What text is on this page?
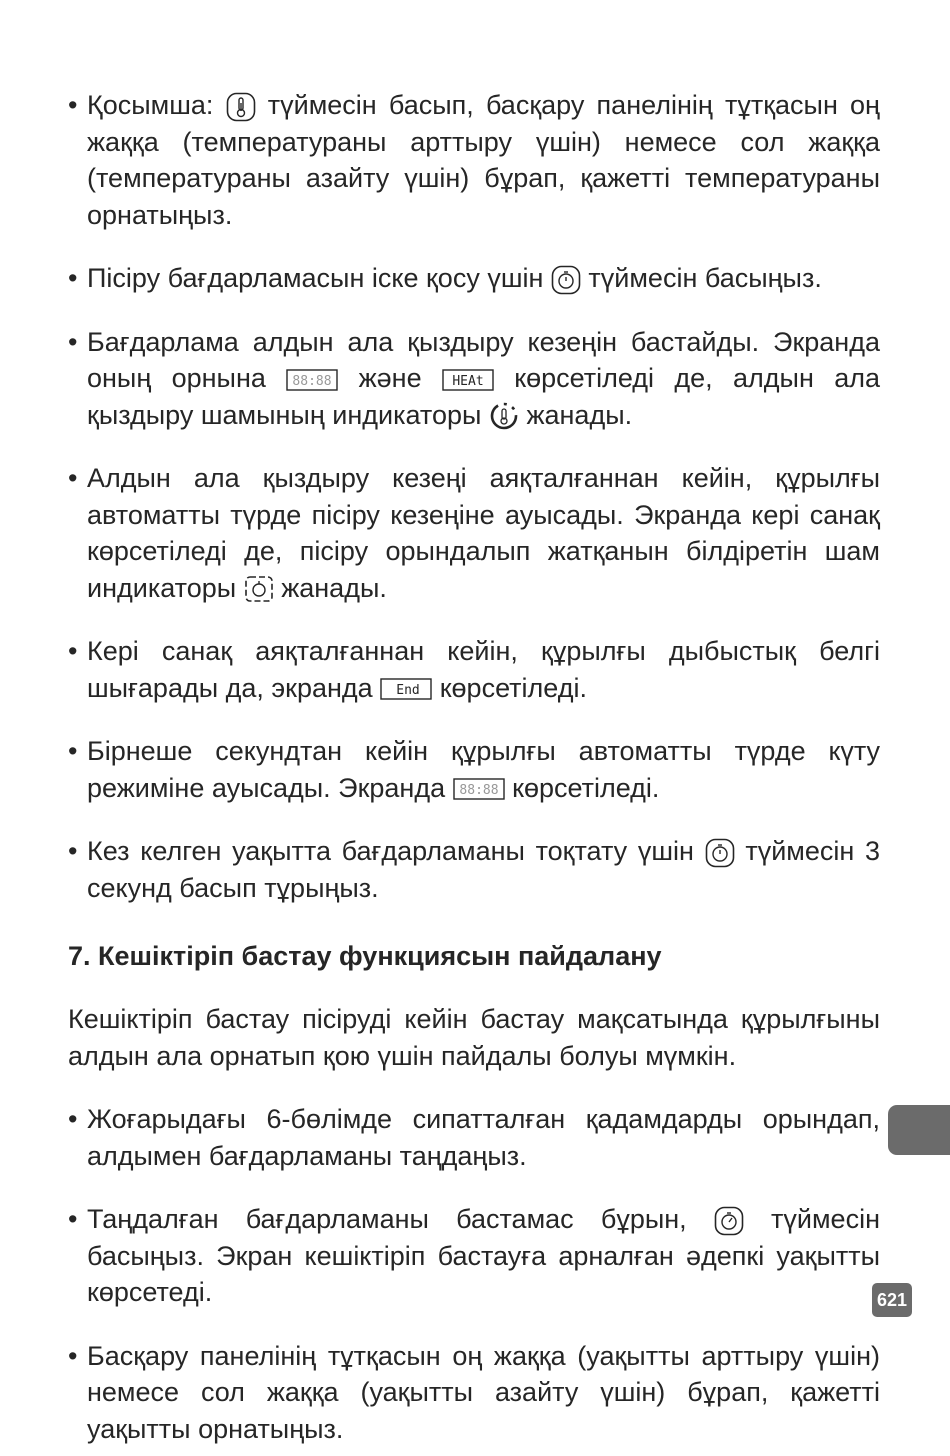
• Қосымша:
түймесін басып, басқару панелінің тұтқасын оң жаққа (температураны арттыру үшін) немесе сол жаққа (температураны азайту үшін) бұрап, қажетті температураны орнатыңыз.

• Пісіру бағдарламасын іске қосу үшін
түймесін басыңыз.

• Бағдарлама алдын ала қыздыру кезеңін бастайды. Экранда оның орнына 88:88 және HEAt көрсетіледі де, алдын ала қыздыру шамының индикаторы
жанады.

• Алдын ала қыздыру кезеңі аяқталғаннан кейін, құрылғы автоматты түрде пісіру кезеңіне ауысады. Экранда кері санақ көрсетіледі де, пісіру орындалып жатқанын білдіретін шам индикаторы
жанады.

• Кері санақ аяқталғаннан кейін, құрылғы дыбыстық белгі шығарады да, экранда End көрсетіледі.

• Бірнеше секундтан кейін құрылғы автоматты түрде күту режиміне ауысады. Экранда 88:88 көрсетіледі.

• Кез келген уақытта бағдарламаны тоқтату үшін
түймесін 3 секунд басып тұрыңыз.

7. Кешіктіріп бастау функциясын пайдалану

Кешіктіріп бастау пісіруді кейін бастау мақсатында құрылғыны алдын ала орнатып қою үшін пайдалы болуы мүмкін.

• Жоғарыдағы 6-бөлімде сипатталған қадамдарды орындап, алдымен бағдарламаны таңдаңыз.

• Таңдалған бағдарламаны бастамас бұрын,
түймесін басыңыз. Экран кешіктіріп бастауға арналған әдепкі уақытты көрсетеді.

• Басқару панелінің тұтқасын оң жаққа (уақытты арттыру үшін) немесе сол жаққа (уақытты азайту үшін) бұрап, қажетті уақытты орнатыңыз.

621
